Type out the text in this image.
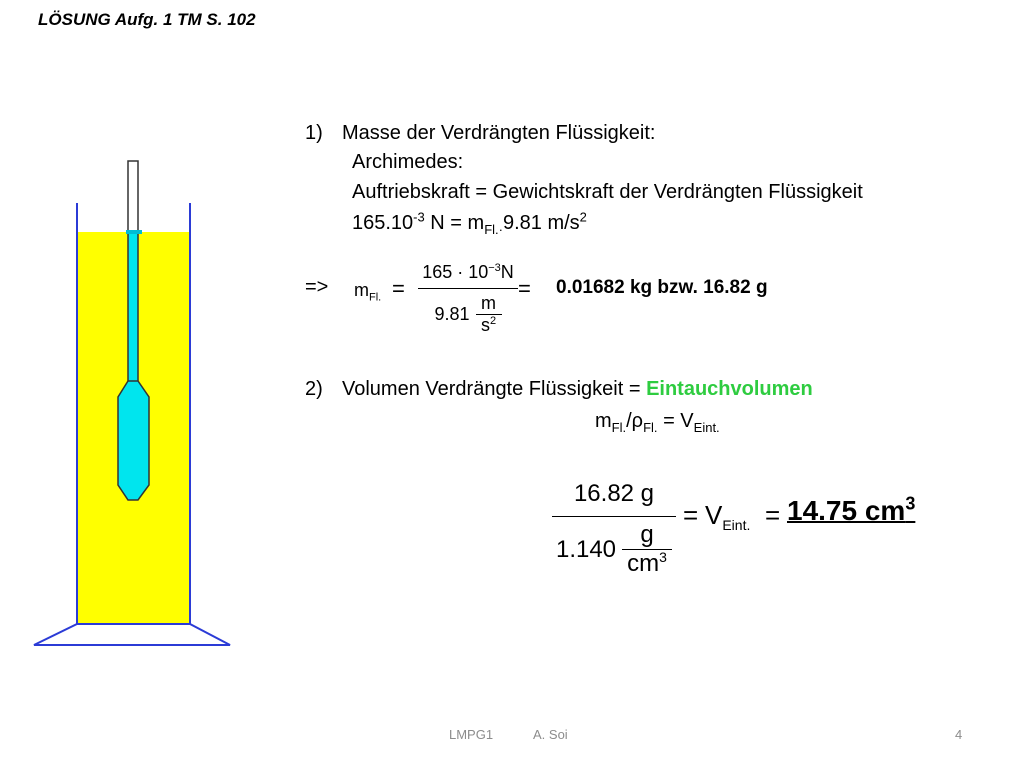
LÖSUNG Aufg. 1 TM S. 102
1) Masse der Verdrängten Flüssigkeit:
Archimedes:
Auftriebskraft = Gewichtskraft der Verdrängten Flüssigkeit
$165.10^{-3}$ $N = m_{Fl.\cdot}9.81$ $m/s^2$
=> $m_{Fl.}$ =
$165 \cdot 10^{-3}N$
9.81
m
$s^2$
= 0.01682 kg bzw. 16.82 g
2) Volumen Verdrängte Flüssigkeit = Eintauchvolumen
$m_{Fl.}/\rho_{Fl.} = V_{Eint.}$
16.82 g
1.140
g
$cm^3$
= $V_{Eint.} = 14.75$ $cm^3$
LMPG1	A. Soi	4
